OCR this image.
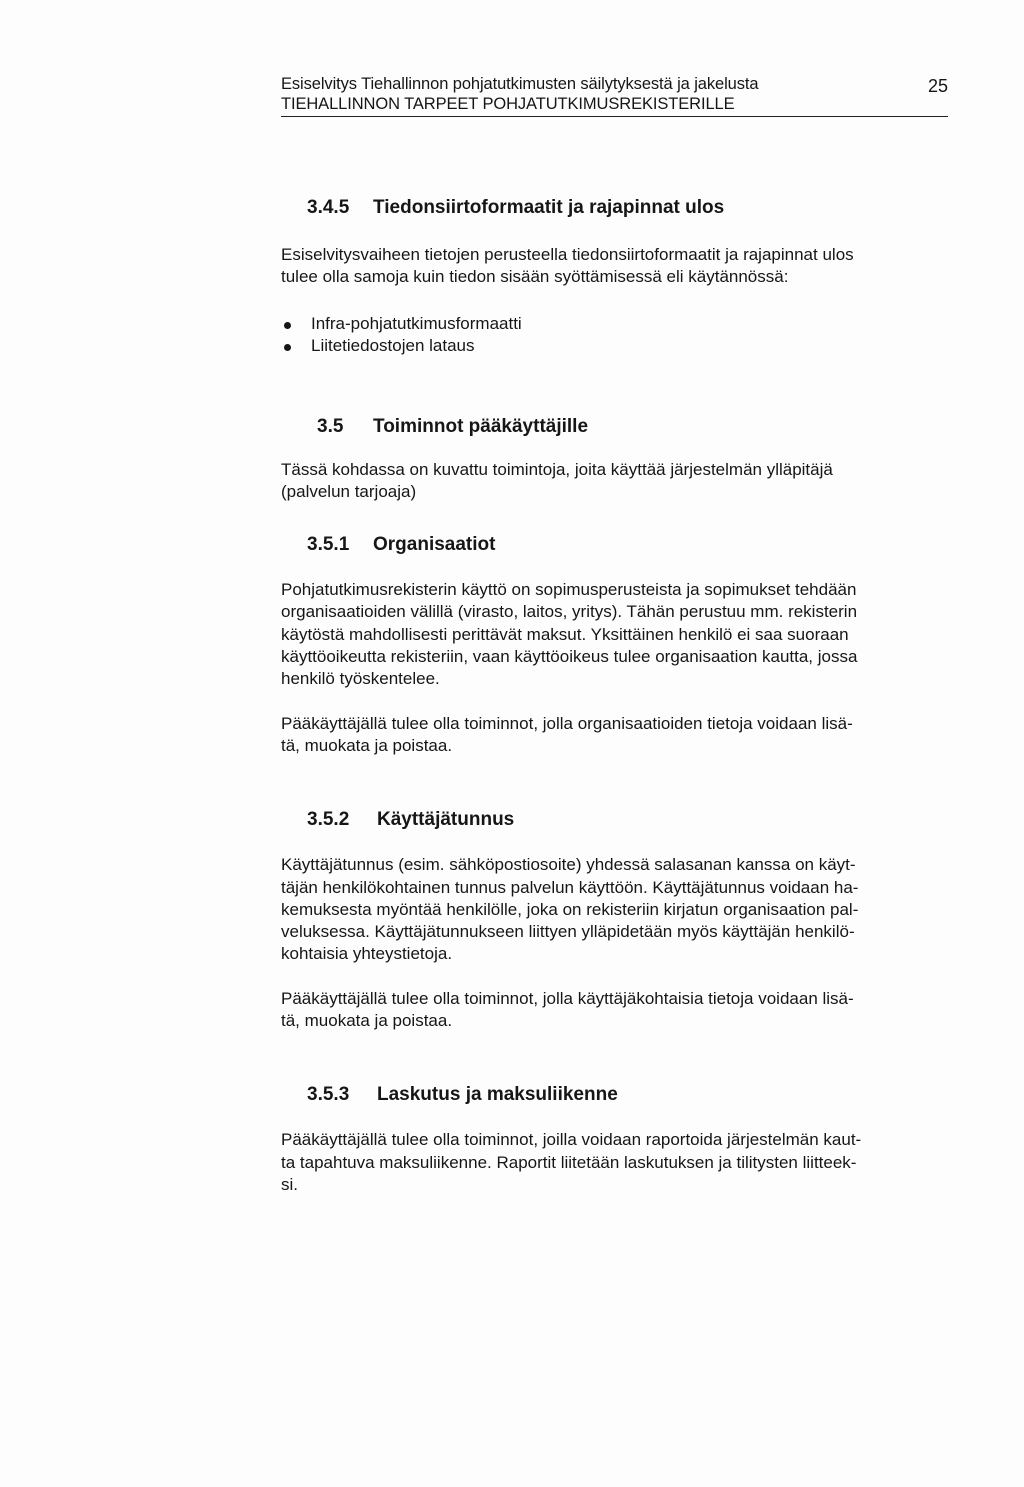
Esiselvitys Tiehallinnon pohjatutkimusten säilytyksestä ja jakelusta
TIEHALLINNON TARPEET POHJATUTKIMUSREKISTERILLE
25
3.4.5 Tiedonsiirtoformaatit ja rajapinnat ulos

Esiselvitysvaiheen tietojen perusteella tiedonsiirtoformaatit ja rajapinnat ulos

tulee olla samoja kuin tiedon sisään syöttämisessä eli käytännössä:

Infra-pohjatutkimusformaatti
Liitetiedostojen lataus
3.5 Toiminnot pääkäyttäjille

Tässä kohdassa on kuvattu toimintoja, joita käyttää järjestelmän ylläpitäjä

(palvelun tarjoaja)

3.5.1 Organisaatiot

Pohjatutkimusrekisterin käyttö on sopimusperusteista ja sopimukset tehdään

organisaatioiden välillä (virasto, laitos, yritys). Tähän perustuu mm. rekisterin

käytöstä mahdollisesti perittävät maksut. Yksittäinen henkilö ei saa suoraan

käyttöoikeutta rekisteriin, vaan käyttöoikeus tulee organisaation kautta, jossa

henkilö työskentelee.

Pääkäyttäjällä tulee olla toiminnot, jolla organisaatioiden tietoja voidaan lisä-

tä, muokata ja poistaa.

3.5.2 Käyttäjätunnus

Käyttäjätunnus (esim. sähköpostiosoite) yhdessä salasanan kanssa on käyt-

täjän henkilökohtainen tunnus palvelun käyttöön. Käyttäjätunnus voidaan ha-

kemuksesta myöntää henkilölle, joka on rekisteriin kirjatun organisaation pal-

veluksessa. Käyttäjätunnukseen liittyen ylläpidetään myös käyttäjän henkilö-

kohtaisia yhteystietoja.

Pääkäyttäjällä tulee olla toiminnot, jolla käyttäjäkohtaisia tietoja voidaan lisä-

tä, muokata ja poistaa.

3.5.3 Laskutus ja maksuliikenne

Pääkäyttäjällä tulee olla toiminnot, joilla voidaan raportoida järjestelmän kaut-

ta tapahtuva maksuliikenne. Raportit liitetään laskutuksen ja tilitysten liitteek-

si.
